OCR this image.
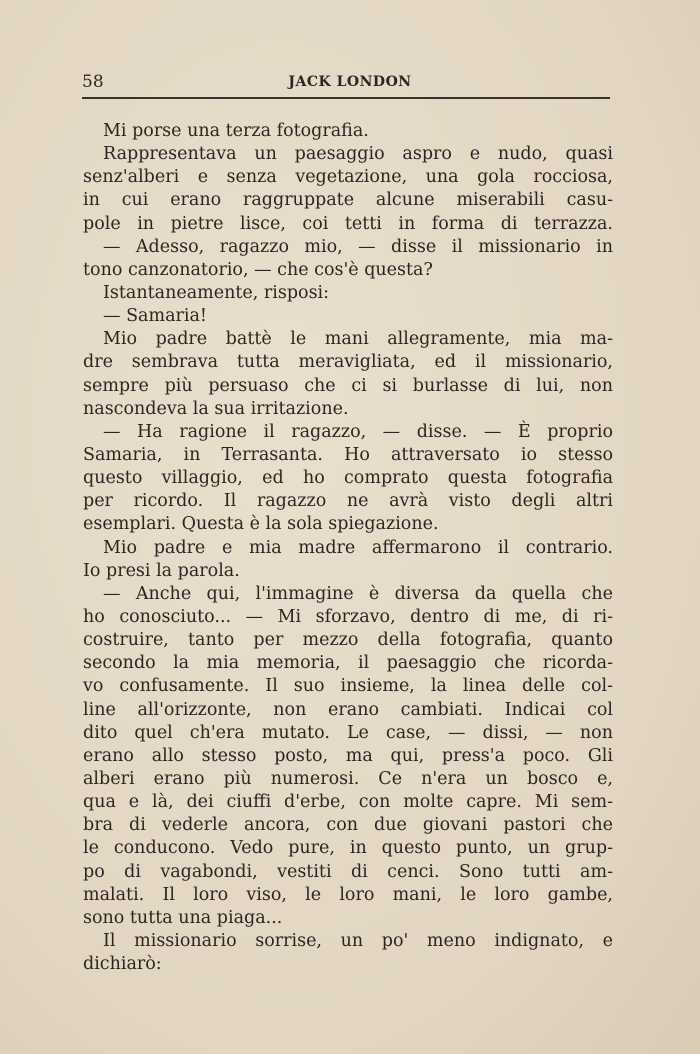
58	JACK LONDON
Mi porse una terza fotografia.
Rappresentava un paesaggio aspro e nudo, quasi
senz'alberi e senza vegetazione, una gola rocciosa,
in cui erano raggruppate alcune miserabili casu-
pole in pietre lisce, coi tetti in forma di terrazza.
— Adesso, ragazzo mio, — disse il missionario in
tono canzonatorio, — che cos'è questa?
Istantaneamente, risposi:
— Samaria!
Mio padre battè le mani allegramente, mia ma-
dre sembrava tutta meravigliata, ed il missionario,
sempre più persuaso che ci si burlasse di lui, non
nascondeva la sua irritazione.
— Ha ragione il ragazzo, — disse. — È proprio
Samaria, in Terrasanta. Ho attraversato io stesso
questo villaggio, ed ho comprato questa fotografia
per ricordo. Il ragazzo ne avrà visto degli altri
esemplari. Questa è la sola spiegazione.
Mio padre e mia madre affermarono il contrario.
Io presi la parola.
— Anche qui, l'immagine è diversa da quella che
ho conosciuto... — Mi sforzavo, dentro di me, di ri-
costruire, tanto per mezzo della fotografia, quanto
secondo la mia memoria, il paesaggio che ricorda-
vo confusamente. Il suo insieme, la linea delle col-
line all'orizzonte, non erano cambiati. Indicai col
dito quel ch'era mutato. Le case, — dissi, — non
erano allo stesso posto, ma qui, press'a poco. Gli
alberi erano più numerosi. Ce n'era un bosco e,
qua e là, dei ciuffi d'erbe, con molte capre. Mi sem-
bra di vederle ancora, con due giovani pastori che
le conducono. Vedo pure, in questo punto, un grup-
po di vagabondi, vestiti di cenci. Sono tutti am-
malati. Il loro viso, le loro mani, le loro gambe,
sono tutta una piaga...
Il missionario sorrise, un po' meno indignato, e
dichiarò:
